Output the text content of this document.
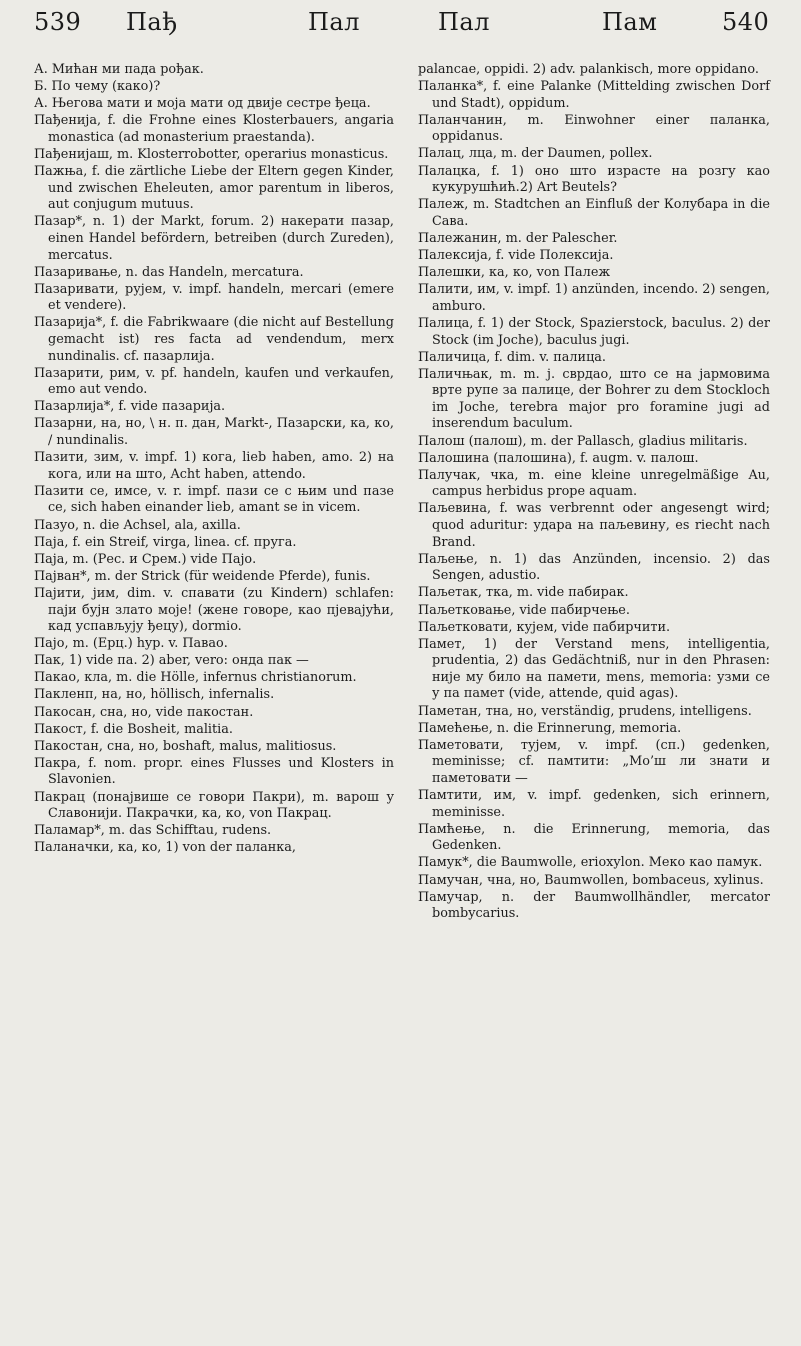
539 Пађ	Пал	Пал	Пам	540

А. Мићан ми пада рођак.

Б. По чему (како)?

А. Његова мати и моја мати од двије сестре ђеца.

Пађенија, f. die Frohne eines Klosterbauers, angaria monastica (ad monasterium praestanda).

Пађенијаш, m. Klosterrobotter, operarius monasticus.

Пажња, f. die zärtliche Liebe der Eltern gegen Kinder, und zwischen Eheleuten, amor parentum in liberos, aut conjugum mutuus.

Пазар*, n. 1) der Markt, forum. 2) накерати пазар, einen Handel befördern, betreiben (durch Zureden), mercatus.

Пазаривање, n. das Handeln, mercatura.

Пазаривати, рујем, v. impf. handeln, mercari (emere et vendere).

Пазарија*, f. die Fabrikwaare (die nicht auf Bestellung gemacht ist) res facta ad vendendum, merx nundinalis. cf. пазарлија.

Пазарити, рим, v. pf. handeln, kaufen und verkaufen, emo aut vendo.

Пазарлија*, f. vide пазарија.

Пазарни, на, но, \ н. п. дан, Markt-, Пазарски, ка, ко, / nundinalis.

Пазити, зим, v. impf. 1) кога, lieb haben, amo. 2) на кога, или на што, Acht haben, attendo.

Пазити се, имсе, v. r. impf. пази се с њим und пазе се, sich haben einander lieb, amant se in vicem.

Пазуо, n. die Achsel, ala, axilla.

Паја, f. ein Streif, virga, linea. cf. пруга.

Паја, m. (Рес. и Срем.) vide Пајо.

Пајван*, m. der Strick (für weidende Pferde), funis.

Пајити, јим, dim. v. спавати (zu Kindern) schlafen: паји бујн злато моје! (жене говоре, као пјевајући, кад успављују ђецу), dormio.

Пајо, m. (Ерц.) hyp. v. Павао.

Пак, 1) vide па. 2) aber, vero: онда пак —

Пакао, кла, m. die Hölle, infernus christianorum.

Пакленп, на, но, höllisch, infernalis.

Пакосан, сна, но, vide пакостан.

Пакост, f. die Bosheit, malitia.

Пакостан, сна, но, boshaft, malus, malitiosus.

Пакра, f. nom. propr. eines Flusses und Klosters in Slavonien.

Пакрац (понајвише се говори Пакри), m. варош у Славонији. Пакрачки, ка, ко, von Пакрац.

Паламар*, m. das Schifftau, rudens.

Паланачки, ка, ко, 1) von der паланка,

palancae, oppidi. 2) adv. palankisch, more oppidano.

Паланка*, f. eine Palanke (Mittelding zwischen Dorf und Stadt), oppidum.

Паланчанин, m. Einwohner einer паланка, oppidanus.

Палац, лца, m. der Daumen, pollex.

Палацка, f. 1) оно што израсте на розгу као кукурушћић.2) Art Beutels?

Палеж, m. Stadtchen an Einfluß der Колубара in die Сава.

Палежанин, m. der Palescher.

Палексија, f. vide Полексија.

Палешки, ка, ко, von Палеж

Палити, им, v. impf. 1) anzünden, incendo. 2) sengen, amburo.

Палица, f. 1) der Stock, Spazierstock, baculus. 2) der Stock (im Joche), baculus jugi.

Паличица, f. dim. v. палица.

Паличњак, m. m. j. сврдао, што се на јармовима врте рупе за палице, der Bohrer zu dem Stockloch im Joche, terebra major pro foramine jugi ad inserendum baculum.

Палош (палош), m. der Pallasch, gladius militaris.

Палошина (палошина), f. augm. v. палош.

Палучак, чка, m. eine kleine unregelmäßige Au, campus herbidus prope aquam.

Паљевина, f. was verbrennt oder angesengt wird; quod aduritur: удара на паљевину, es riecht nach Brand.

Паљење, n. 1) das Anzünden, incensio. 2) das Sengen, adustio.

Паљетак, тка, m. vide пабирак.

Паљетковање, vide пабирчење.

Паљетковати, кујем, vide пабирчити.

Памет, 1) der Verstand mens, intelligentia, prudentia, 2) das Gedächtniß, nur in den Phrasen: није му било на памети, mens, memoria: узми се у па памет (vide, attende, quid agas).

Паметан, тна, но, verständig, prudens, intelligens.

Памећење, n. die Erinnerung, memoria.

Паметовати, тујем, v. impf. (сп.) gedenken, meminisse; cf. памтити: „Мо’ш ли знати и паметовати —

Памтити, им, v. impf. gedenken, sich erinnern, meminisse.

Памћење, n. die Erinnerung, memoria, das Gedenken.

Памук*, die Baumwolle, erioxylon. Меко као памук.

Памучан, чна, но, Baumwollen, bombaceus, xylinus.

Памучар, n. der Baumwollhändler, mercator bombycarius.
